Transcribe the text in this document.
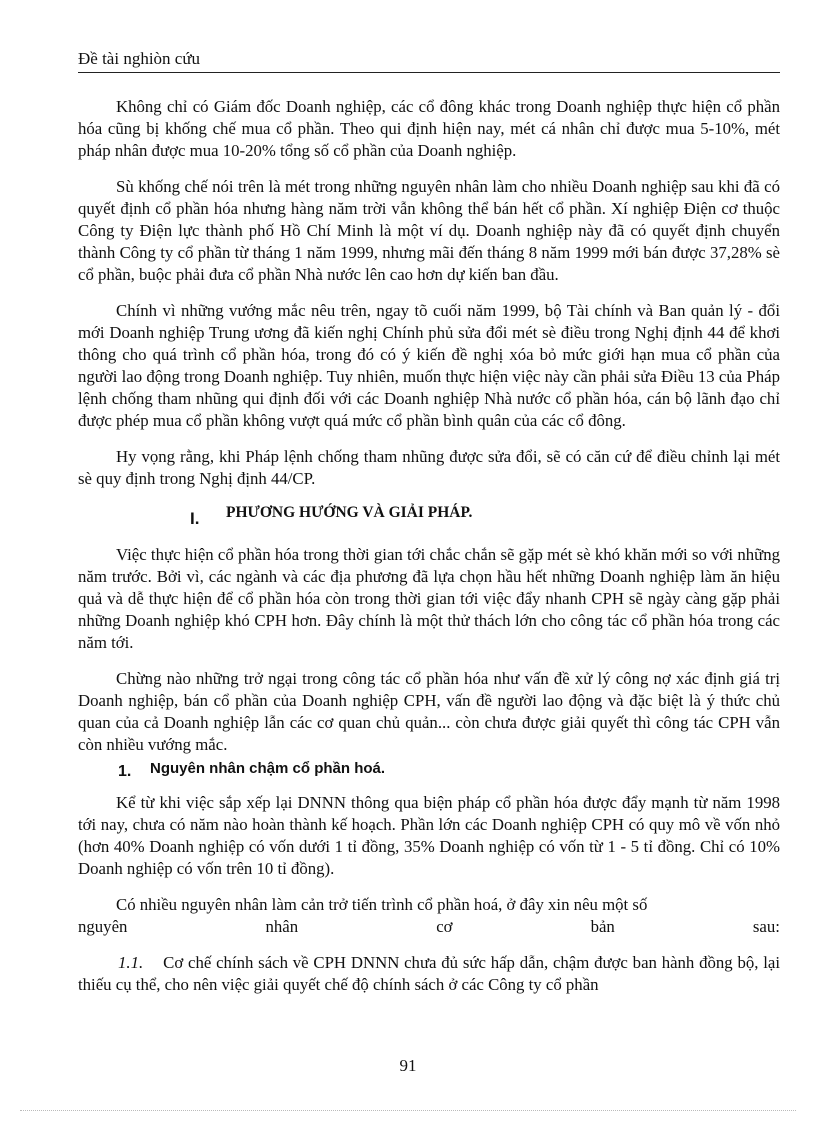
Đề tài nghiòn cứu

Không chỉ có Giám đốc Doanh nghiệp, các cổ đông khác trong Doanh nghiệp thực hiện cổ phần hóa cũng bị khống chế mua cổ phần. Theo qui định hiện nay, mét cá nhân chỉ được mua 5-10%, mét pháp nhân được mua 10-20% tổng số cổ phần của Doanh nghiệp.

Sù khống chế nói trên là mét trong những nguyên nhân làm cho nhiều Doanh nghiệp sau khi đã có quyết định cổ phần hóa nhưng hàng năm trời vẫn không thể bán hết cổ phần. Xí nghiệp Điện cơ thuộc Công ty Điện lực thành phố Hồ Chí Minh là một ví dụ. Doanh nghiệp này đã có quyết định chuyển thành Công ty cổ phần từ tháng 1 năm 1999, nhưng mãi đến tháng 8 năm 1999 mới bán được 37,28% sè cổ phần, buộc phải đưa cổ phần Nhà nước lên cao hơn dự kiến ban đầu.

Chính vì những vướng mắc nêu trên, ngay tõ cuối năm 1999, bộ Tài chính và Ban quản lý - đổi mới Doanh nghiệp Trung ương đã kiến nghị Chính phủ sửa đổi mét sè điều trong Nghị định 44 để khơi thông cho quá trình cổ phần hóa, trong đó có ý kiến đề nghị xóa bỏ mức giới hạn mua cổ phần của người lao động trong Doanh nghiệp. Tuy nhiên, muốn thực hiện việc này cần phải sửa Điều 13 của Pháp lệnh chống tham nhũng qui định đối với các Doanh nghiệp Nhà nước cổ phần hóa, cán bộ lãnh đạo chỉ được phép mua cổ phần không vượt quá mức cổ phần bình quân của các cổ đông.

Hy vọng rằng, khi Pháp lệnh chống tham nhũng được sửa đổi, sẽ có căn cứ để điều chỉnh lại mét sè quy định trong Nghị định 44/CP.

I. PHƯƠNG HƯỚNG VÀ GIẢI PHÁP.

Việc thực hiện cổ phần hóa trong thời gian tới chắc chắn sẽ gặp mét sè khó khăn mới so với những năm trước. Bởi vì, các ngành và các địa phương đã lựa chọn hầu hết những Doanh nghiệp làm ăn hiệu quả và dễ thực hiện để cổ phần hóa còn trong thời gian tới việc đẩy nhanh CPH sẽ ngày càng gặp phải những Doanh nghiệp khó CPH hơn. Đây chính là một thử thách lớn cho công tác cổ phần hóa trong các năm tới.

Chừng nào những trở ngại trong công tác cổ phần hóa như vấn đề xử lý công nợ xác định giá trị Doanh nghiệp, bán cổ phần của Doanh nghiệp CPH, vấn đề người lao động và đặc biệt là ý thức chủ quan của cả Doanh nghiệp lẫn các cơ quan chủ quản... còn chưa được giải quyết thì công tác CPH vẫn còn nhiều vướng mắc.

1. Nguyên nhân chậm cổ phần hoá.

Kể từ khi việc sắp xếp lại DNNN thông qua biện pháp cổ phần hóa được đẩy mạnh từ năm 1998 tới nay, chưa có năm nào hoàn thành kế hoạch. Phần lớn các Doanh nghiệp CPH có quy mô về vốn nhỏ (hơn 40% Doanh nghiệp có vốn dưới 1 tỉ đồng, 35% Doanh nghiệp có vốn từ 1 - 5 tỉ đồng. Chỉ có 10% Doanh nghiệp có vốn trên 10 tỉ đồng).

Có nhiều nguyên nhân làm cản trở tiến trình cổ phần hoá, ở đây xin nêu một số

nguyên	nhân	cơ	bản	sau:

1.1. Cơ chế chính sách về CPH DNNN chưa đủ sức hấp dẫn, chậm được ban hành đồng bộ, lại thiếu cụ thể, cho nên việc giải quyết chế độ chính sách ở các Công ty cổ phần

91
